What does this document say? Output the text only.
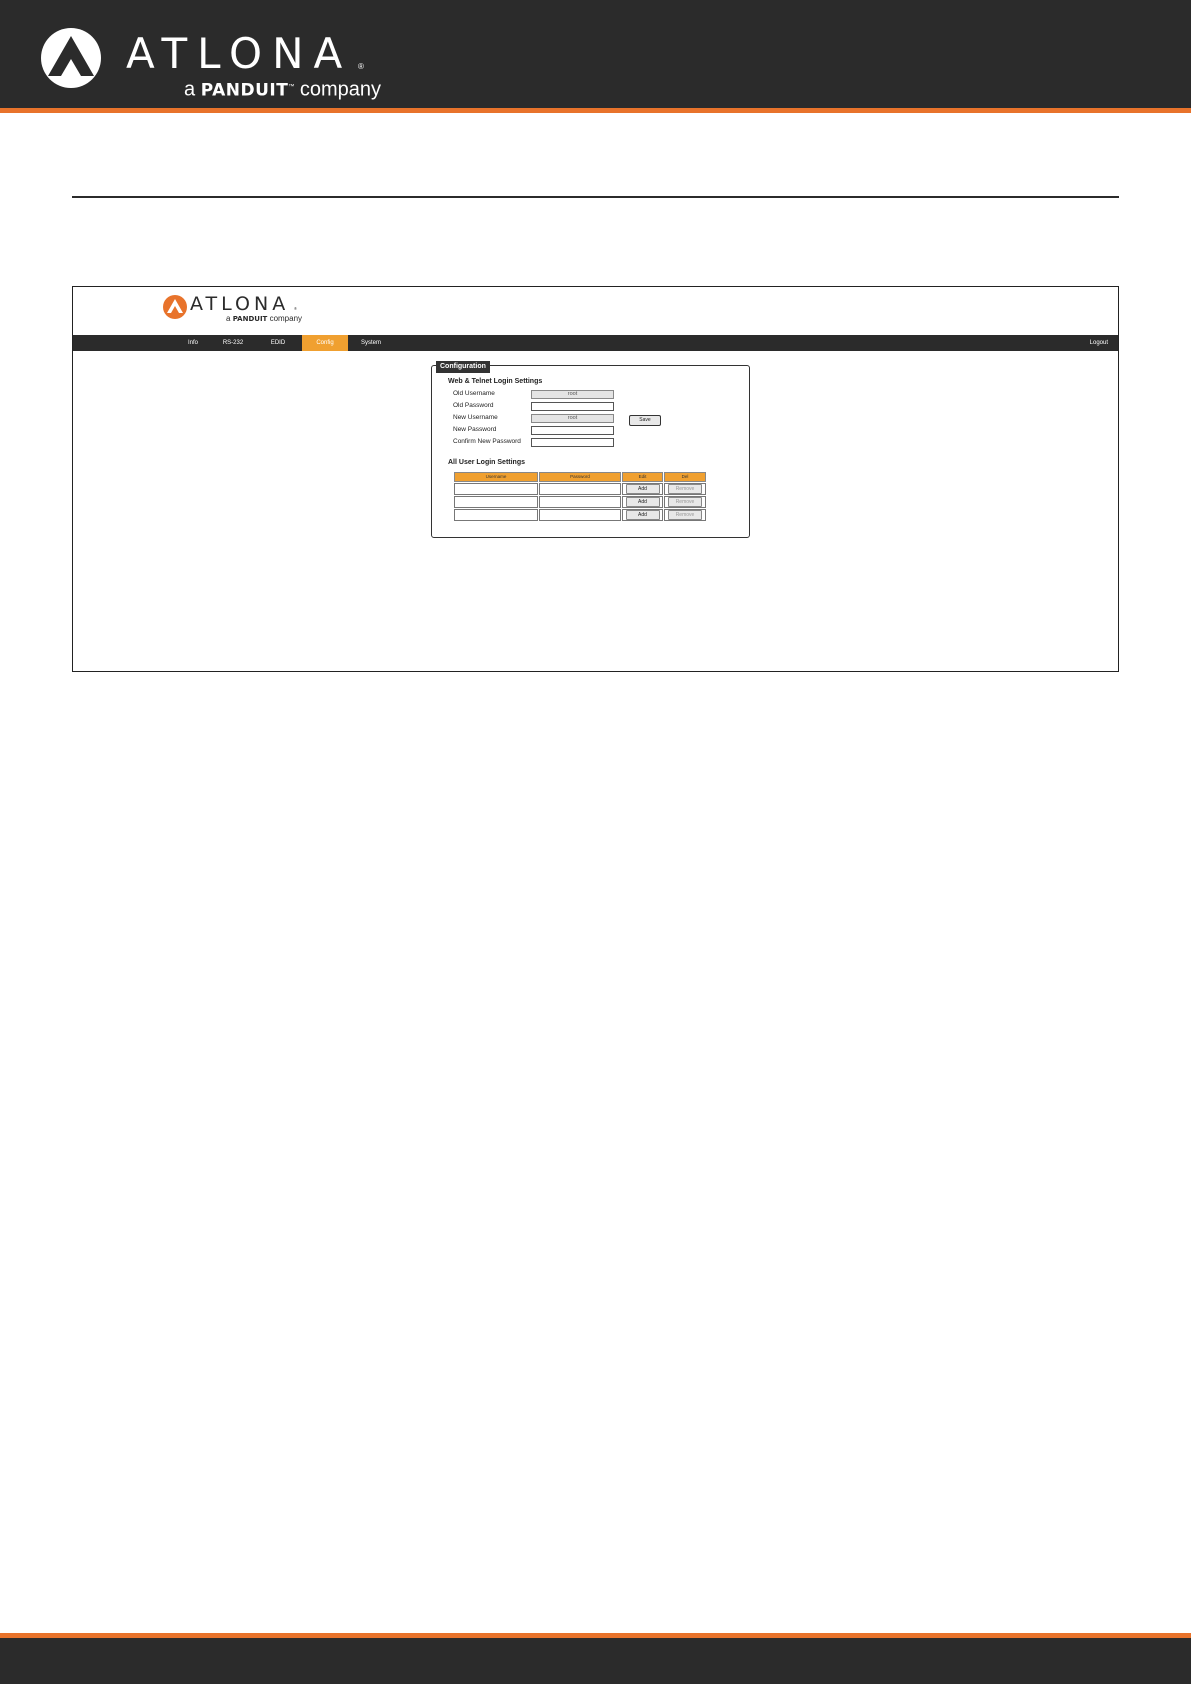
ATLONA ®
a PANDUIT™ company
ATLONA ®
a PANDUIT company
Info	RS-232	EDID	Config	System	Logout
Configuration
Web & Telnet Login Settings
Old Username	root
Old Password
New Username	root	Save
New Password
Confirm New Password
All User Login Settings
Username	Password	Edit	Del
		Add	Remove
		Add	Remove
		Add	Remove
